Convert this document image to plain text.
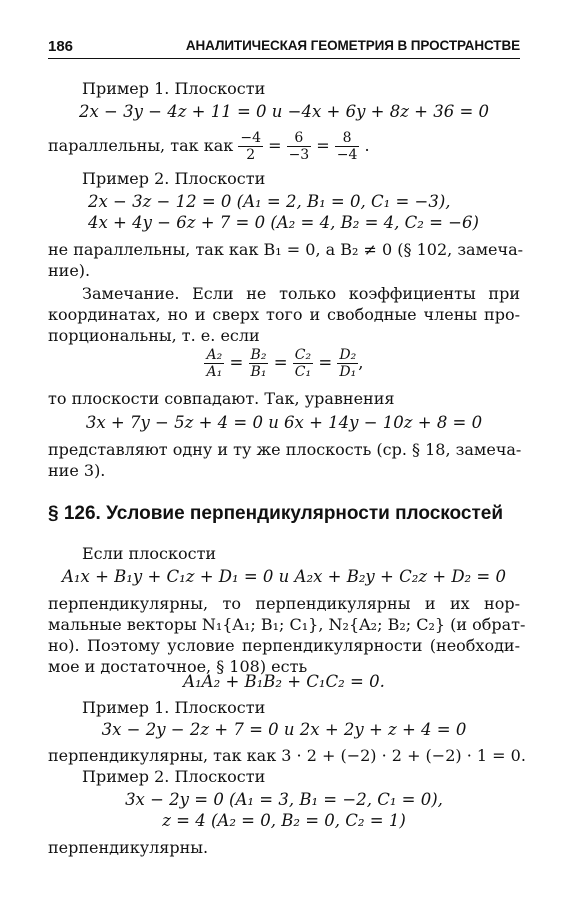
186	АНАЛИТИЧЕСКАЯ ГЕОМЕТРИЯ В ПРОСТРАНСТВЕ
Пример 1. Плоскости
2x − 3y − 4z + 11 = 0 и −4x + 6y + 8z + 36 = 0
параллельны, так как $\frac{-4}{2} = \frac{6}{-3} = \frac{8}{-4}$ .
Пример 2. Плоскости
2x − 3z − 12 = 0 (A₁ = 2, B₁ = 0, C₁ = −3),
4x + 4y − 6z + 7 = 0 (A₂ = 4, B₂ = 4, C₂ = −6)
не параллельны, так как B₁ = 0, а B₂ ≠ 0 (§ 102, замеча-
ние).
Замечание. Если не только коэффициенты при
координатах, но и сверх того и свободные члены про-
порциональны, т. е. если
$\frac{\text{A₂}}{\text{A₁}} = \frac{\text{B₂}}{\text{B₁}} = \frac{\text{C₂}}{\text{C₁}} = \frac{\text{D₂}}{\text{D₁}}$ ,
то плоскости совпадают. Так, уравнения
3x + 7y − 5z + 4 = 0 и 6x + 14y − 10z + 8 = 0
представляют одну и ту же плоскость (ср. § 18, замеча-
ние 3).
§ 126. Условие перпендикулярности плоскостей
Если плоскости
A₁x + B₁y + C₁z + D₁ = 0 и A₂x + B₂y + C₂z + D₂ = 0
перпендикулярны, то перпендикулярны и их нор-
мальные векторы N₁{A₁; B₁; C₁}, N₂{A₂; B₂; C₂} (и обрат-
но). Поэтому условие перпендикулярности (необходи-
мое и достаточное, § 108) есть
A₁A₂ + B₁B₂ + C₁C₂ = 0.
Пример 1. Плоскости
3x − 2y − 2z + 7 = 0 и 2x + 2y + z + 4 = 0
перпендикулярны, так как 3 · 2 + (−2) · 2 + (−2) · 1 = 0.
Пример 2. Плоскости
3x − 2y = 0 (A₁ = 3, B₁ = −2, C₁ = 0),
z = 4 (A₂ = 0, B₂ = 0, C₂ = 1)
перпендикулярны.
